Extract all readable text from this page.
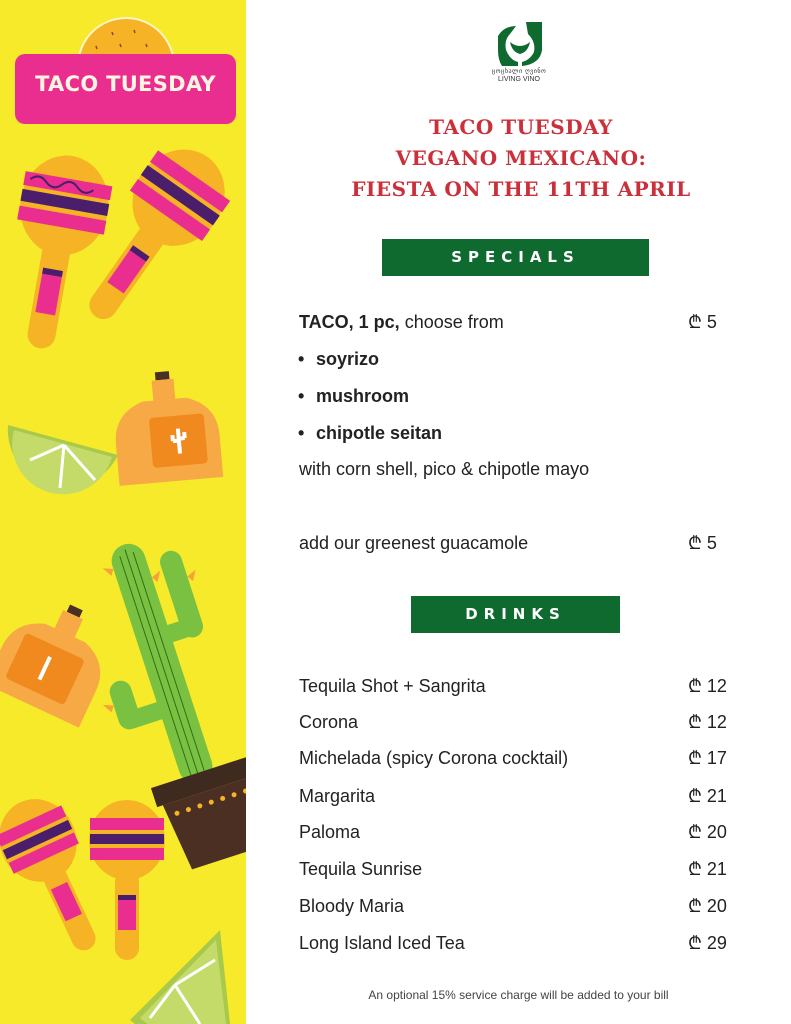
TACO TUESDAY
ცოცხალი ღვინო
LIVING VINO
TACO TUESDAY
VEGANO MEXICANO:
FIESTA ON THE 11TH APRIL
SPECIALS
TACO, 1 pc, choose from	₾ 5
• soyrizo
• mushroom
• chipotle seitan
with corn shell, pico & chipotle mayo
add our greenest guacamole	₾ 5
DRINKS
Tequila Shot + Sangrita	₾ 12
Corona	₾ 12
Michelada (spicy Corona cocktail)	₾ 17
Margarita	₾ 21
Paloma	₾ 20
Tequila Sunrise	₾ 21
Bloody Maria	₾ 20
Long Island Iced Tea	₾ 29
An optional 15% service charge will be added to your bill
